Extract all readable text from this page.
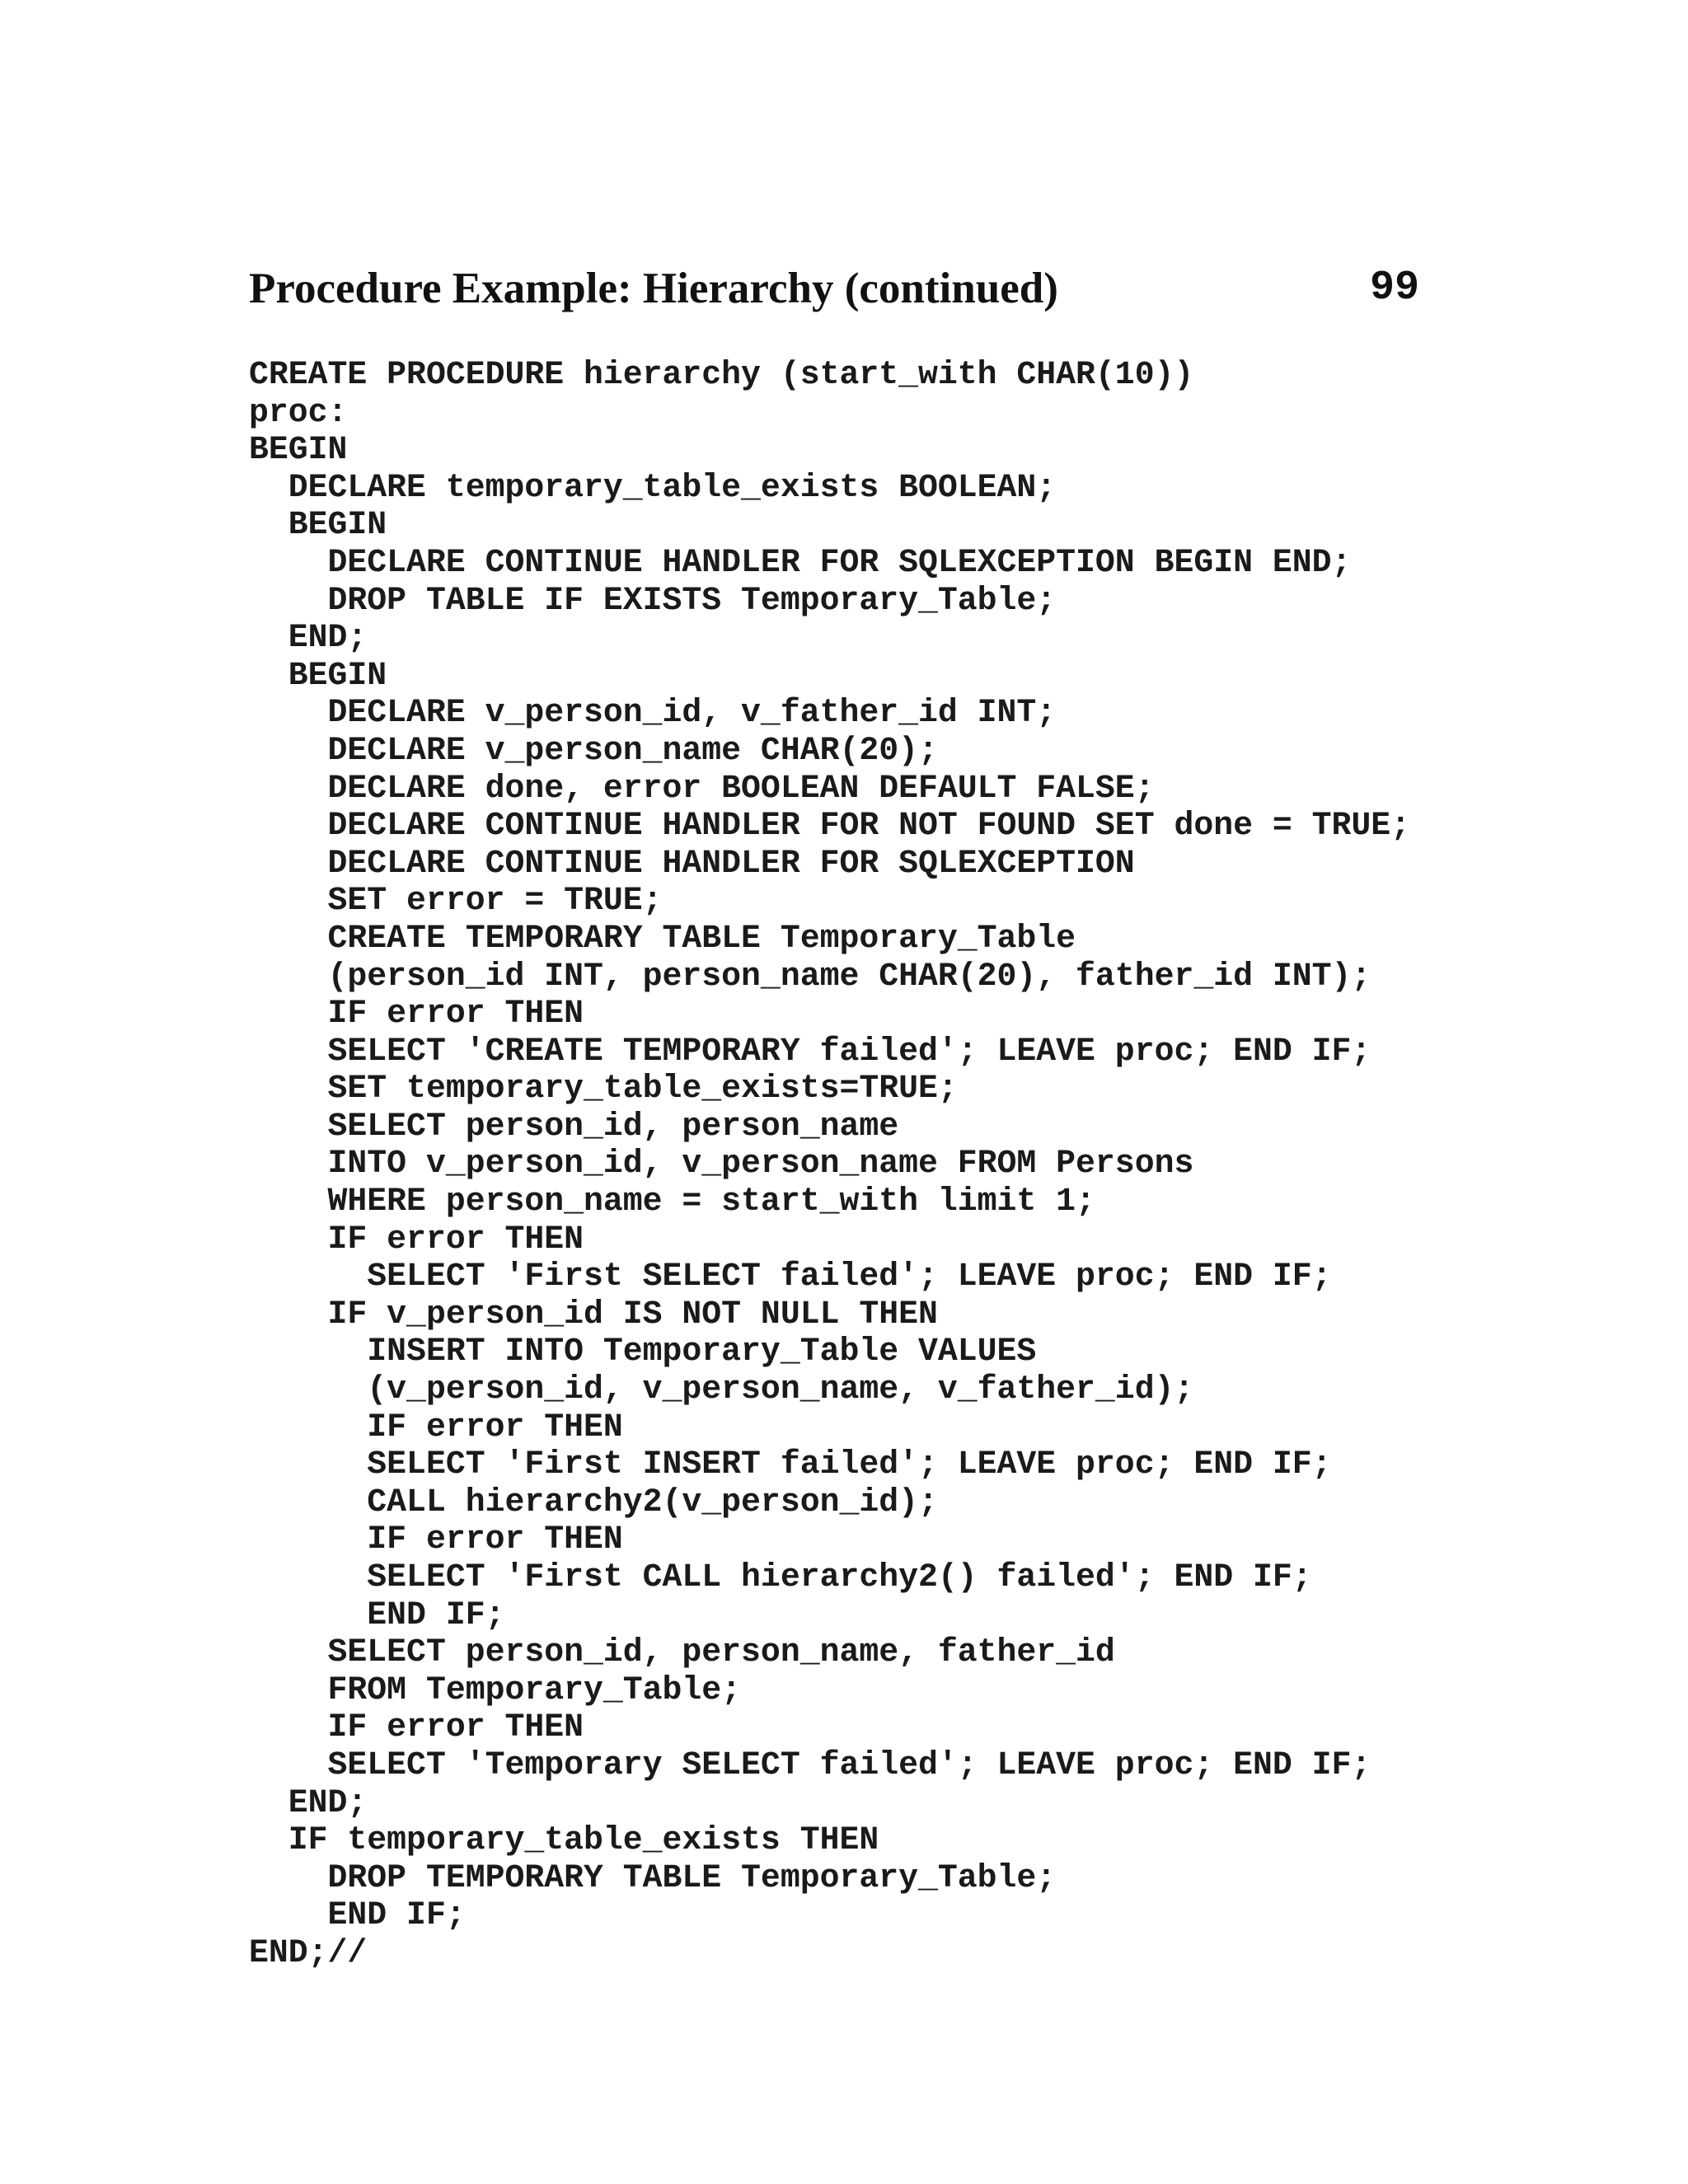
Procedure Example: Hierarchy (continued)	99
CREATE PROCEDURE hierarchy (start_with CHAR(10))
proc:
BEGIN
DECLARE temporary_table_exists BOOLEAN;
BEGIN
DECLARE CONTINUE HANDLER FOR SQLEXCEPTION BEGIN END;
DROP TABLE IF EXISTS Temporary_Table;
END;
BEGIN
DECLARE v_person_id, v_father_id INT;
DECLARE v_person_name CHAR(20);
DECLARE done, error BOOLEAN DEFAULT FALSE;
DECLARE CONTINUE HANDLER FOR NOT FOUND SET done = TRUE;
DECLARE CONTINUE HANDLER FOR SQLEXCEPTION
SET error = TRUE;
CREATE TEMPORARY TABLE Temporary_Table
(person_id INT, person_name CHAR(20), father_id INT);
IF error THEN
SELECT 'CREATE TEMPORARY failed'; LEAVE proc; END IF;
SET temporary_table_exists=TRUE;
SELECT person_id, person_name
INTO v_person_id, v_person_name FROM Persons
WHERE person_name = start_with limit 1;
IF error THEN
SELECT 'First SELECT failed'; LEAVE proc; END IF;
IF v_person_id IS NOT NULL THEN
INSERT INTO Temporary_Table VALUES
(v_person_id, v_person_name, v_father_id);
IF error THEN
SELECT 'First INSERT failed'; LEAVE proc; END IF;
CALL hierarchy2(v_person_id);
IF error THEN
SELECT 'First CALL hierarchy2() failed'; END IF;
END IF;
SELECT person_id, person_name, father_id
FROM Temporary_Table;
IF error THEN
SELECT 'Temporary SELECT failed'; LEAVE proc; END IF;
END;
IF temporary_table_exists THEN
DROP TEMPORARY TABLE Temporary_Table;
END IF;
END;//
